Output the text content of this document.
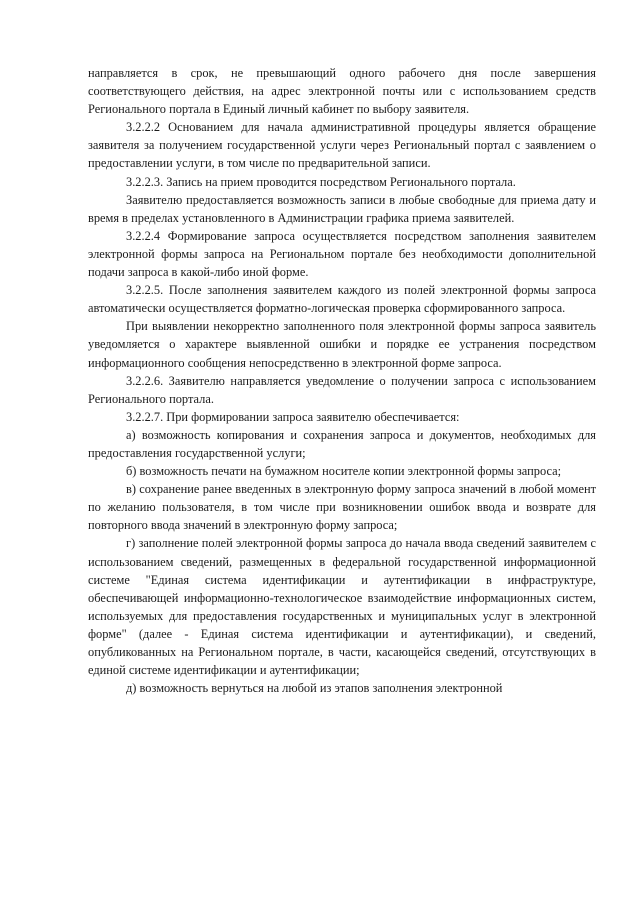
направляется в срок, не превышающий одного рабочего дня после завершения соответствующего действия, на адрес электронной почты или с использованием средств Регионального портала в Единый личный кабинет по выбору заявителя.

3.2.2.2 Основанием для начала административной процедуры является обращение заявителя за получением государственной услуги через Региональный портал с заявлением о предоставлении услуги, в том числе по предварительной записи.

3.2.2.3. Запись на прием проводится посредством Регионального портала.

Заявителю предоставляется возможность записи в любые свободные для приема дату и время в пределах установленного в Администрации графика приема заявителей.

3.2.2.4 Формирование запроса осуществляется посредством заполнения заявителем электронной формы запроса на Региональном портале без необходимости дополнительной подачи запроса в какой-либо иной форме.

3.2.2.5. После заполнения заявителем каждого из полей электронной формы запроса автоматически осуществляется форматно-логическая проверка сформированного запроса.

При выявлении некорректно заполненного поля электронной формы запроса заявитель уведомляется о характере выявленной ошибки и порядке ее устранения посредством информационного сообщения непосредственно в электронной форме запроса.

3.2.2.6. Заявителю направляется уведомление о получении запроса с использованием Регионального портала.

3.2.2.7. При формировании запроса заявителю обеспечивается:

а) возможность копирования и сохранения запроса и документов, необходимых для предоставления государственной услуги;

б) возможность печати на бумажном носителе копии электронной формы запроса;

в) сохранение ранее введенных в электронную форму запроса значений в любой момент по желанию пользователя, в том числе при возникновении ошибок ввода и возврате для повторного ввода значений в электронную форму запроса;

г) заполнение полей электронной формы запроса до начала ввода сведений заявителем с использованием сведений, размещенных в федеральной государственной информационной системе "Единая система идентификации и аутентификации в инфраструктуре, обеспечивающей информационно-технологическое взаимодействие информационных систем, используемых для предоставления государственных и муниципальных услуг в электронной форме" (далее - Единая система идентификации и аутентификации), и сведений, опубликованных на Региональном портале, в части, касающейся сведений, отсутствующих в единой системе идентификации и аутентификации;

д) возможность вернуться на любой из этапов заполнения электронной
